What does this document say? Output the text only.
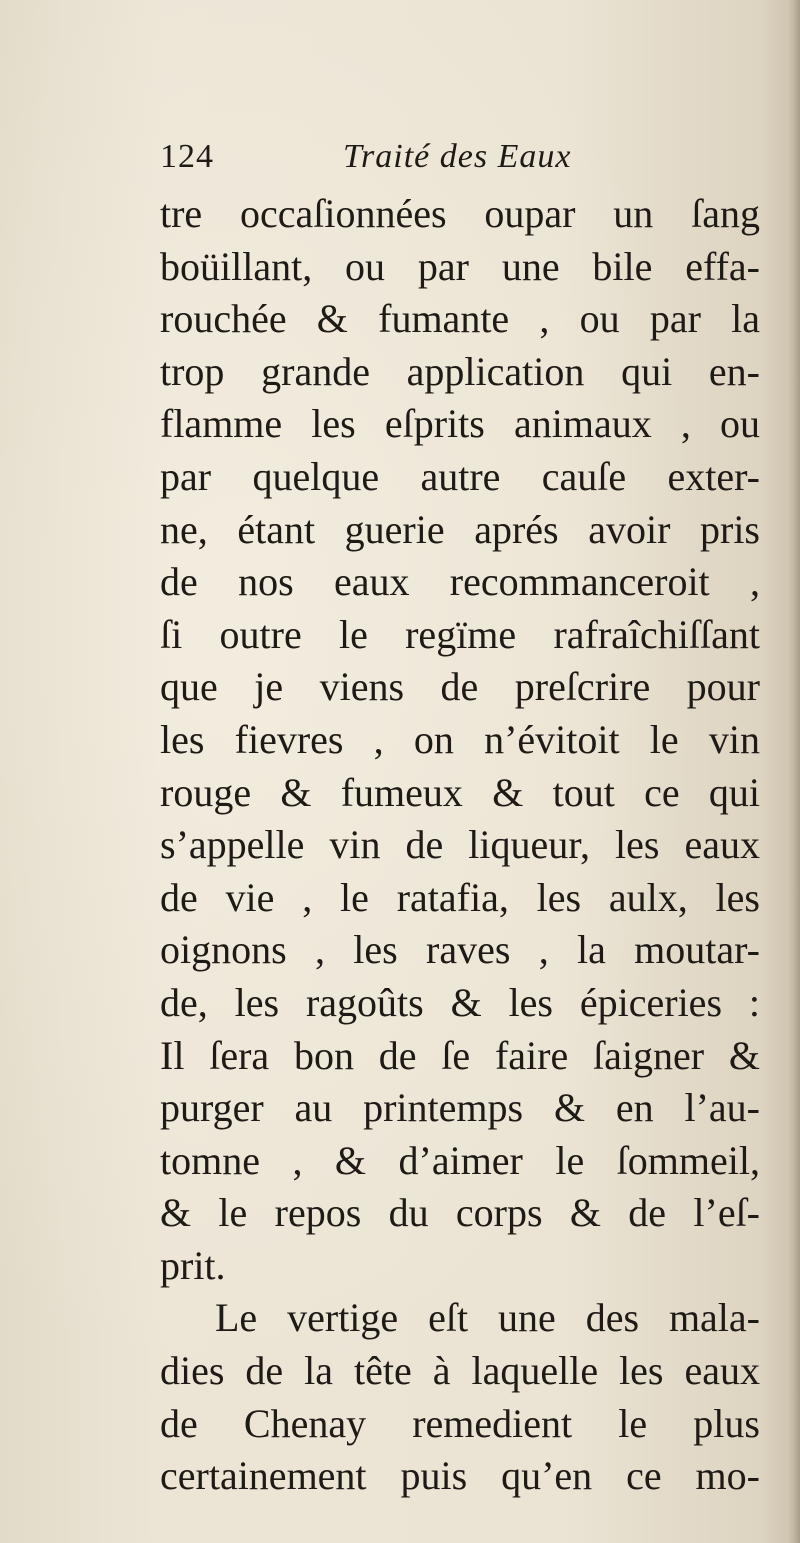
124	Traité des Eaux
tre occaſionnées oupar un ſang
boüillant, ou par une bile effa-
rouchée & fumante , ou par la
trop grande application qui en-
flamme les eſprits animaux , ou
par quelque autre cauſe exter-
ne, étant guerie aprés avoir pris
de nos eaux recommanceroit ,
ſi outre le regïme rafraîchiſſant
que je viens de preſcrire pour
les fievres , on n’évitoit le vin
rouge & fumeux & tout ce qui
s’appelle vin de liqueur, les eaux
de vie , le ratafia, les aulx, les
oignons , les raves , la moutar-
de, les ragoûts & les épiceries :
Il ſera bon de ſe faire ſaigner &
purger au printemps & en l’au-
tomne , & d’aimer le ſommeil,
& le repos du corps & de l’eſ-
prit.
Le vertige eſt une des mala-
dies de la tête à laquelle les eaux
de Chenay remedient le plus
certainement puis qu’en ce mo-
